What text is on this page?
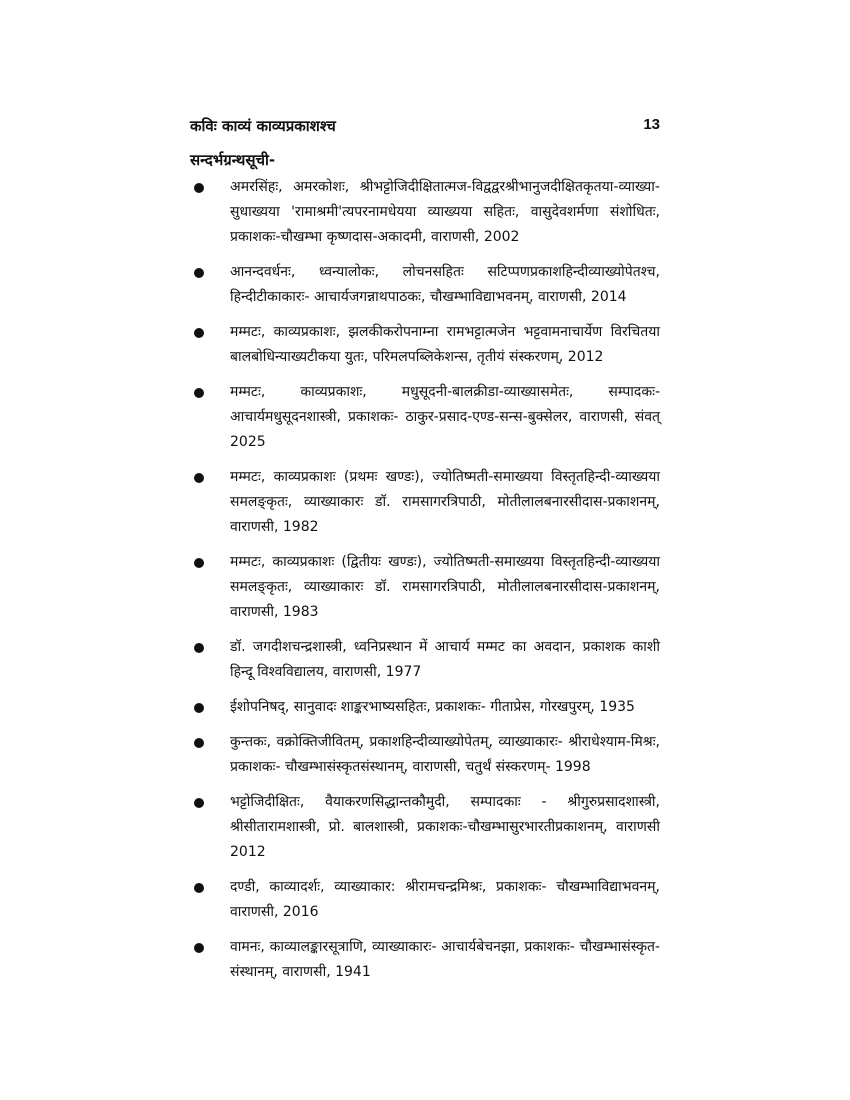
कविः काव्यं काव्यप्रकाशश्च	13
सन्दर्भग्रन्थसूची-
अमरसिंहः, अमरकोशः, श्रीभट्टोजिदीक्षितात्मज-विद्वद्वरश्रीभानुजदीक्षितकृतया-व्याख्या- सुधाख्यया 'रामाश्रमी'त्यपरनामधेयया व्याख्यया सहितः, वासुदेवशर्मणा संशोधितः, प्रकाशकः-चौखम्भा कृष्णदास-अकादमी, वाराणसी, 2002
आनन्दवर्धनः, ध्वन्यालोकः, लोचनसहितः सटिप्पणप्रकाशहिन्दीव्याख्योपेतश्च, हिन्दीटीकाकारः- आचार्यजगन्नाथपाठकः, चौखम्भाविद्याभवनम्, वाराणसी, 2014
मम्मटः, काव्यप्रकाशः, झलकीकरोपनाम्ना रामभट्टात्मजेन भट्टवामनाचार्येण विरचितया बालबोधिन्याख्यटीकया युतः, परिमलपब्लिकेशन्स, तृतीयं संस्करणम्, 2012
मम्मटः, काव्यप्रकाशः, मधुसूदनी-बालक्रीडा-व्याख्यासमेतः, सम्पादकः-आचार्यमधुसूदनशास्त्री, प्रकाशकः- ठाकुर-प्रसाद-एण्ड-सन्स-बुक्सेलर, वाराणसी, संवत् 2025
मम्मटः, काव्यप्रकाशः (प्रथमः खण्डः), ज्योतिष्मती-समाख्यया विस्तृतहिन्दी-व्याख्यया समलङ्कृतः, व्याख्याकारः डॉ. रामसागरत्रिपाठी, मोतीलालबनारसीदास-प्रकाशनम्, वाराणसी, 1982
मम्मटः, काव्यप्रकाशः (द्वितीयः खण्डः), ज्योतिष्मती-समाख्यया विस्तृतहिन्दी-व्याख्यया समलङ्कृतः, व्याख्याकारः डॉ. रामसागरत्रिपाठी, मोतीलालबनारसीदास-प्रकाशनम्, वाराणसी, 1983
डॉ. जगदीशचन्द्रशास्त्री, ध्वनिप्रस्थान में आचार्य मम्मट का अवदान, प्रकाशक काशी हिन्दू विश्वविद्यालय, वाराणसी, 1977
ईशोपनिषद्, सानुवादः शाङ्करभाष्यसहितः, प्रकाशकः- गीताप्रेस, गोरखपुरम्, 1935
कुन्तकः, वक्रोक्तिजीवितम्, प्रकाशहिन्दीव्याख्योपेतम्, व्याख्याकारः- श्रीराधेश्याम-मिश्रः, प्रकाशकः- चौखम्भासंस्कृतसंस्थानम्, वाराणसी, चतुर्थं संस्करणम्- 1998
भट्टोजिदीक्षितः, वैयाकरणसिद्धान्तकौमुदी, सम्पादकाः - श्रीगुरुप्रसादशास्त्री, श्रीसीतारामशास्त्री, प्रो. बालशास्त्री, प्रकाशकः-चौखम्भासुरभारतीप्रकाशनम्, वाराणसी 2012
दण्डी, काव्यादर्शः, व्याख्याकार: श्रीरामचन्द्रमिश्रः, प्रकाशकः- चौखम्भाविद्याभवनम्, वाराणसी, 2016
वामनः, काव्यालङ्कारसूत्राणि, व्याख्याकारः- आचार्यबेचनझा, प्रकाशकः- चौखम्भासंस्कृत- संस्थानम्, वाराणसी, 1941
